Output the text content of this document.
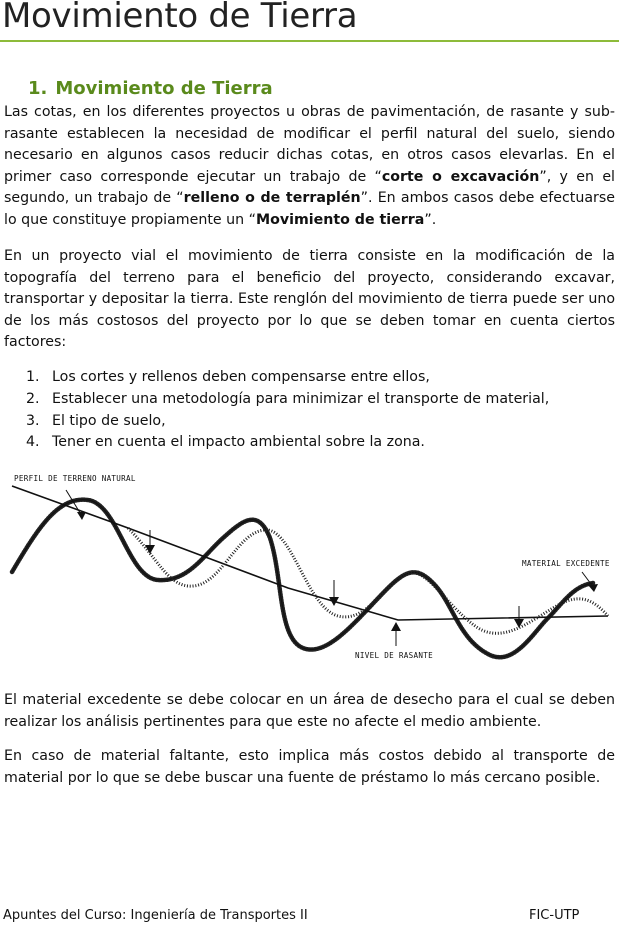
Movimiento de Tierra
1. Movimiento de Tierra

Las cotas, en los diferentes proyectos u obras de pavimentación, de rasante y sub-rasante establecen la necesidad de modificar el perfil natural del suelo, siendo necesario en algunos casos reducir dichas cotas, en otros casos elevarlas. En el primer caso corresponde ejecutar un trabajo de “corte o excavación”, y en el segundo, un trabajo de “relleno o de terraplén”. En ambos casos debe efectuarse lo que constituye propiamente un “Movimiento de tierra”.

En un proyecto vial el movimiento de tierra consiste en la modificación de la topografía del terreno para el beneficio del proyecto, considerando excavar, transportar y depositar la tierra. Este renglón del movimiento de tierra puede ser uno de los más costosos del proyecto por lo que se deben tomar en cuenta ciertos factores:

1. Los cortes y rellenos deben compensarse entre ellos,
2. Establecer una metodología para minimizar el transporte de material,
3. El tipo de suelo,
4. Tener en cuenta el impacto ambiental sobre la zona.
PERFIL DE TERRENO NATURAL
MATERIAL EXCEDENTE
NIVEL DE RASANTE

El material excedente se debe colocar en un área de desecho para el cual se deben realizar los análisis pertinentes para que este no afecte el medio ambiente.

En caso de material faltante, esto implica más costos debido al transporte de material por lo que se debe buscar una fuente de préstamo lo más cercano posible.

Apuntes del Curso: Ingeniería de Transportes II	FIC-UTP
